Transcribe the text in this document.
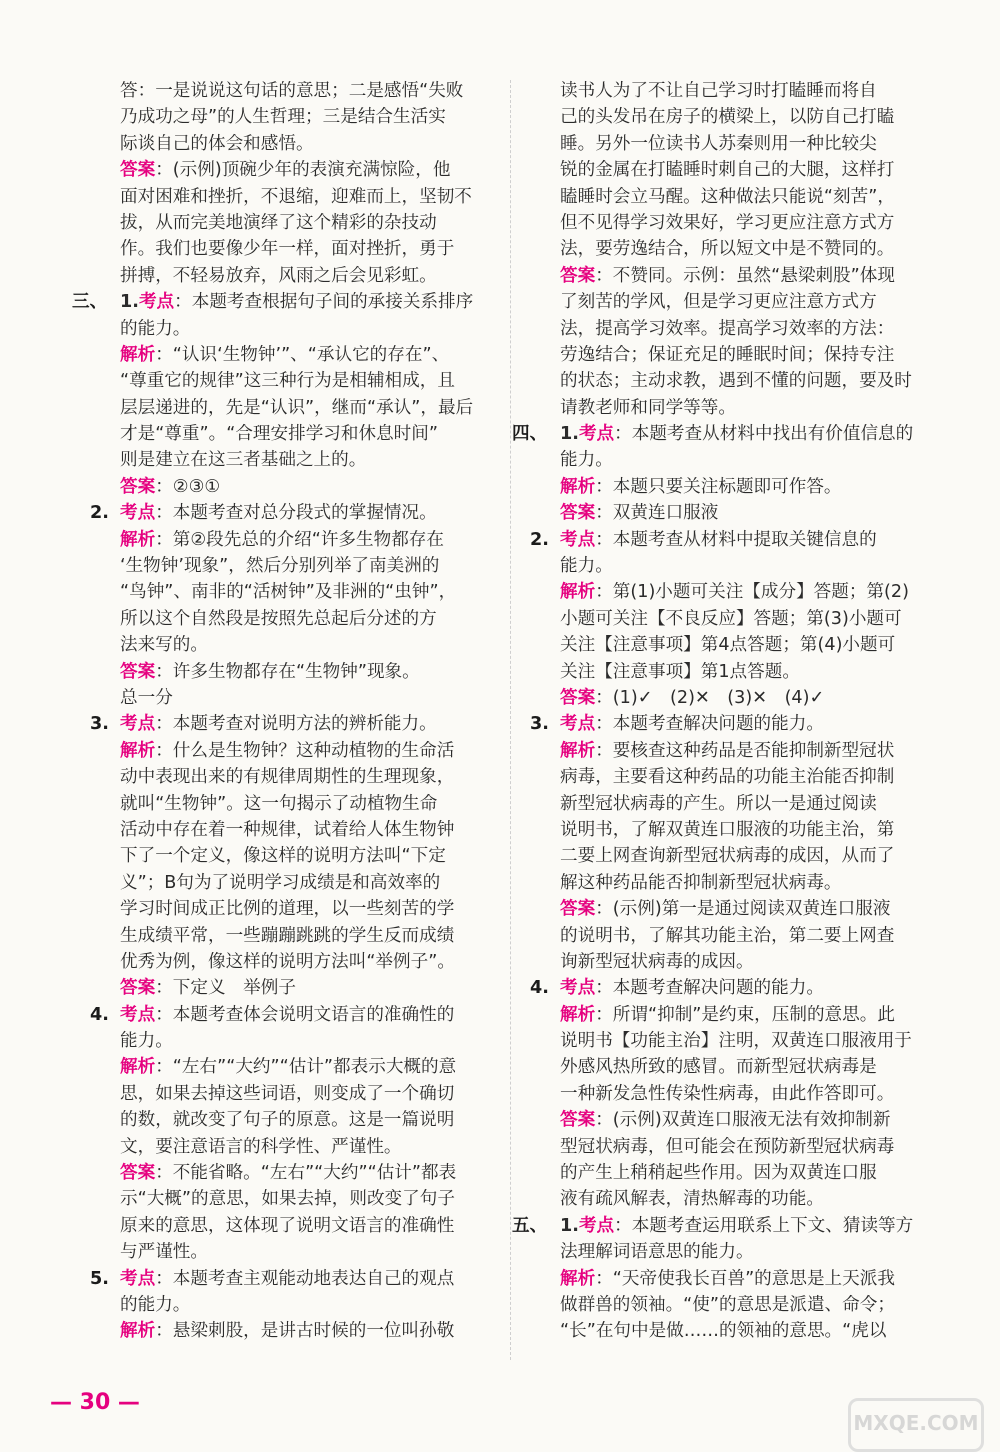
答：一是说说这句话的意思；二是感悟“失败
乃成功之母”的人生哲理；三是结合生活实
际谈自己的体会和感悟。
答案：(示例)顶碗少年的表演充满惊险，他
面对困难和挫折，不退缩，迎难而上，坚韧不
拔，从而完美地演绎了这个精彩的杂技动
作。我们也要像少年一样，面对挫折，勇于
拼搏，不轻易放弃，风雨之后会见彩虹。
三、 1.考点：本题考查根据句子间的承接关系排序
的能力。
解析：“认识‘生物钟’”、“承认它的存在”、
“尊重它的规律”这三种行为是相辅相成，且
层层递进的，先是“认识”，继而“承认”，最后
才是“尊重”。“合理安排学习和休息时间”
则是建立在这三者基础之上的。
答案：②③①
2. 考点：本题考查对总分段式的掌握情况。
解析：第②段先总的介绍“许多生物都存在
‘生物钟’现象”，然后分别列举了南美洲的
“鸟钟”、南非的“活树钟”及非洲的“虫钟”，
所以这个自然段是按照先总起后分述的方
法来写的。
答案：许多生物都存在“生物钟”现象。
总一分
3. 考点：本题考查对说明方法的辨析能力。
解析：什么是生物钟？这种动植物的生命活
动中表现出来的有规律周期性的生理现象，
就叫“生物钟”。这一句揭示了动植物生命
活动中存在着一种规律，试着给人体生物钟
下了一个定义，像这样的说明方法叫“下定
义”；B句为了说明学习成绩是和高效率的
学习时间成正比例的道理，以一些刻苦的学
生成绩平常，一些蹦蹦跳跳的学生反而成绩
优秀为例，像这样的说明方法叫“举例子”。
答案：下定义　举例子
4. 考点：本题考查体会说明文语言的准确性的
能力。
解析：“左右”“大约”“估计”都表示大概的意
思，如果去掉这些词语，则变成了一个确切
的数，就改变了句子的原意。这是一篇说明
文，要注意语言的科学性、严谨性。
答案：不能省略。“左右”“大约”“估计”都表
示“大概”的意思，如果去掉，则改变了句子
原来的意思，这体现了说明文语言的准确性
与严谨性。
5. 考点：本题考查主观能动地表达自己的观点
的能力。
解析：悬梁刺股，是讲古时候的一位叫孙敬
读书人为了不让自己学习时打瞌睡而将自
己的头发吊在房子的横梁上，以防自己打瞌
睡。另外一位读书人苏秦则用一种比较尖
锐的金属在打瞌睡时刺自己的大腿，这样打
瞌睡时会立马醒。这种做法只能说“刻苦”，
但不见得学习效果好，学习更应注意方式方
法，要劳逸结合，所以短文中是不赞同的。
答案：不赞同。示例：虽然“悬梁刺股”体现
了刻苦的学风，但是学习更应注意方式方
法，提高学习效率。提高学习效率的方法：
劳逸结合；保证充足的睡眠时间；保持专注
的状态；主动求教，遇到不懂的问题，要及时
请教老师和同学等等。
四、 1.考点：本题考查从材料中找出有价值信息的
能力。
解析：本题只要关注标题即可作答。
答案：双黄连口服液
2. 考点：本题考查从材料中提取关键信息的
能力。
解析：第(1)小题可关注【成分】答题；第(2)
小题可关注【不良反应】答题；第(3)小题可
关注【注意事项】第4点答题；第(4)小题可
关注【注意事项】第1点答题。
答案：(1)✓　(2)✕　(3)✕　(4)✓
3. 考点：本题考查解决问题的能力。
解析：要核查这种药品是否能抑制新型冠状
病毒，主要看这种药品的功能主治能否抑制
新型冠状病毒的产生。所以一是通过阅读
说明书，了解双黄连口服液的功能主治，第
二要上网查询新型冠状病毒的成因，从而了
解这种药品能否抑制新型冠状病毒。
答案：(示例)第一是通过阅读双黄连口服液
的说明书，了解其功能主治，第二要上网查
询新型冠状病毒的成因。
4. 考点：本题考查解决问题的能力。
解析：所谓“抑制”是约束，压制的意思。此
说明书【功能主治】注明，双黄连口服液用于
外感风热所致的感冒。而新型冠状病毒是
一种新发急性传染性病毒，由此作答即可。
答案：(示例)双黄连口服液无法有效抑制新
型冠状病毒，但可能会在预防新型冠状病毒
的产生上稍稍起些作用。因为双黄连口服
液有疏风解表，清热解毒的功能。
五、 1.考点：本题考查运用联系上下文、猜读等方
法理解词语意思的能力。
解析：“天帝使我长百兽”的意思是上天派我
做群兽的领袖。“使”的意思是派遣、命令；
“长”在句中是做……的领袖的意思。“虎以
— 30 —
MXQE.COM
